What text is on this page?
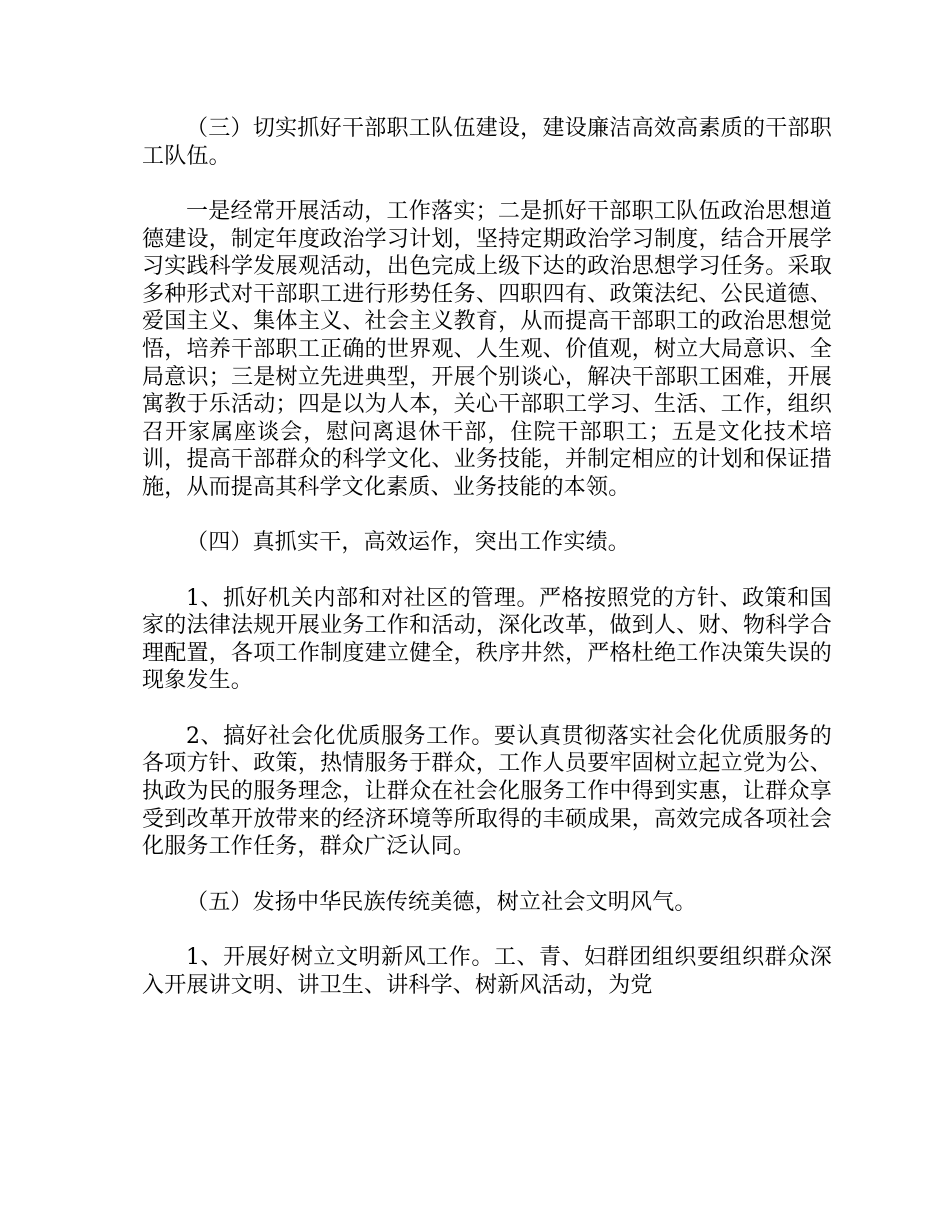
（三）切实抓好干部职工队伍建设，建设廉洁高效高素质的干部职工队伍。

一是经常开展活动，工作落实；二是抓好干部职工队伍政治思想道德建设，制定年度政治学习计划，坚持定期政治学习制度，结合开展学习实践科学发展观活动，出色完成上级下达的政治思想学习任务。采取多种形式对干部职工进行形势任务、四职四有、政策法纪、公民道德、爱国主义、集体主义、社会主义教育，从而提高干部职工的政治思想觉悟，培养干部职工正确的世界观、人生观、价值观，树立大局意识、全局意识；三是树立先进典型，开展个别谈心，解决干部职工困难，开展寓教于乐活动；四是以为人本，关心干部职工学习、生活、工作，组织召开家属座谈会，慰问离退休干部，住院干部职工；五是文化技术培训，提高干部群众的科学文化、业务技能，并制定相应的计划和保证措施，从而提高其科学文化素质、业务技能的本领。

（四）真抓实干，高效运作，突出工作实绩。

1、抓好机关内部和对社区的管理。严格按照党的方针、政策和国家的法律法规开展业务工作和活动，深化改革，做到人、财、物科学合理配置，各项工作制度建立健全，秩序井然，严格杜绝工作决策失误的现象发生。

2、搞好社会化优质服务工作。要认真贯彻落实社会化优质服务的各项方针、政策，热情服务于群众，工作人员要牢固树立起立党为公、执政为民的服务理念，让群众在社会化服务工作中得到实惠，让群众享受到改革开放带来的经济环境等所取得的丰硕成果，高效完成各项社会化服务工作任务，群众广泛认同。

（五）发扬中华民族传统美德，树立社会文明风气。

1、开展好树立文明新风工作。工、青、妇群团组织要组织群众深入开展讲文明、讲卫生、讲科学、树新风活动，为党
